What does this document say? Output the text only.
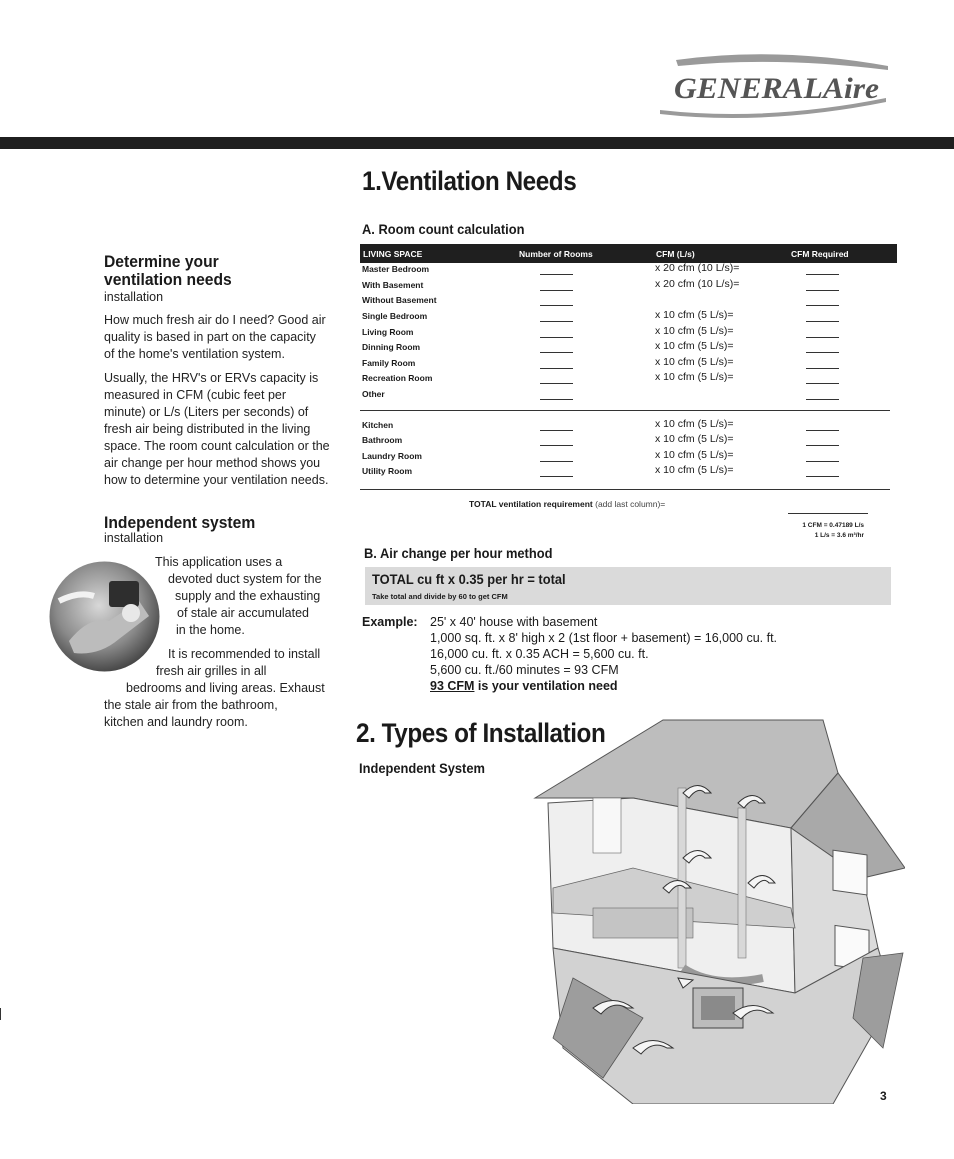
GENERALAire
Determine your
ventilation needs
installation
How much fresh air do I need? Good air
quality is based in part on the capacity
of the home's ventilation system.
Usually, the HRV's or ERVs capacity is
measured in CFM (cubic feet per
minute) or L/s (Liters per seconds) of
fresh air being distributed in the living
space. The room count calculation or the
air change per hour method shows you
how to determine your ventilation needs.
Independent system
installation
This application uses a
devoted duct system for the
supply and the exhausting
of stale air accumulated
in the home.
It is recommended to install
fresh air grilles in all
bedrooms and living areas. Exhaust
the stale air from the bathroom,
kitchen and laundry room.
1.Ventilation Needs
A. Room count calculation
LIVING SPACE	Number of Rooms	CFM (L/s)	CFM Required
Master Bedroom	x 20 cfm (10 L/s)=
With Basement	x 20 cfm (10 L/s)=
Without Basement
Single Bedroom	x 10 cfm (5 L/s)=
Living Room	x 10 cfm (5 L/s)=
Dinning Room	x 10 cfm (5 L/s)=
Family Room	x 10 cfm (5 L/s)=
Recreation Room	x 10 cfm (5 L/s)=
Other
Kitchen	x 10 cfm (5 L/s)=
Bathroom	x 10 cfm (5 L/s)=
Laundry Room	x 10 cfm (5 L/s)=
Utility Room	x 10 cfm (5 L/s)=
TOTAL ventilation requirement (add last column)=
1 CFM = 0.47189 L/s
1 L/s = 3.6 m³/hr
B. Air change per hour method
TOTAL cu ft x 0.35 per hr = total
Take total and divide by 60 to get CFM
Example: 25' x 40' house with basement
1,000 sq. ft. x 8' high x 2 (1st floor + basement) = 16,000 cu. ft.
16,000 cu. ft. x 0.35 ACH = 5,600 cu. ft.
5,600 cu. ft./60 minutes = 93 CFM
93 CFM is your ventilation need
2. Types of Installation
Independent System
3
